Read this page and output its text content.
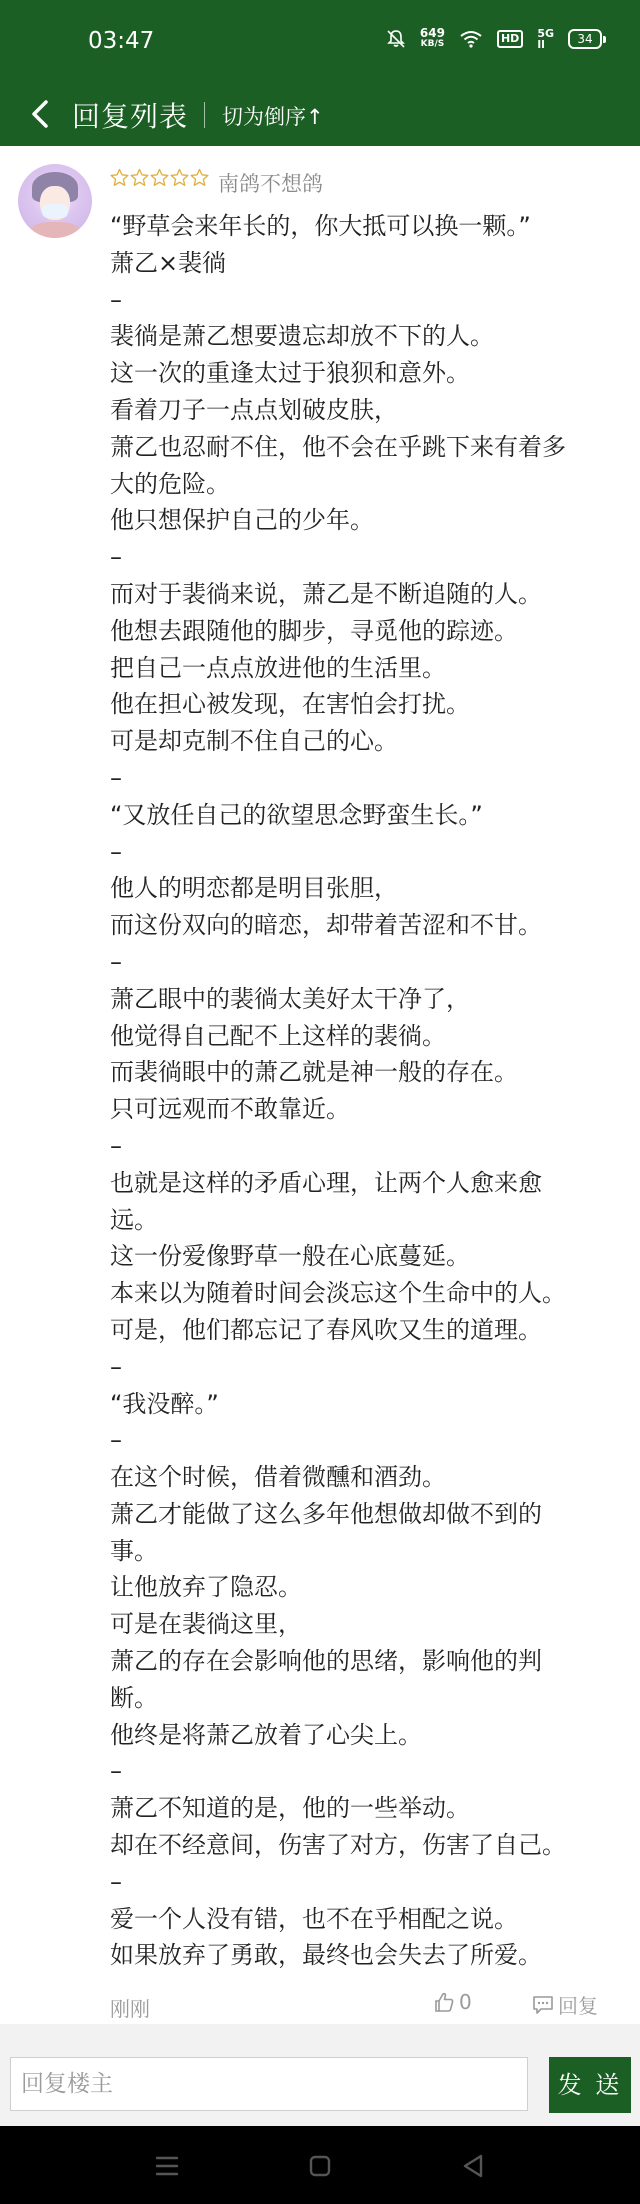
03:47	649
KB/S	HD	5G
ll	34
回复列表 切为倒序↑
南鸽不想鸽
“野草会来年长的，你大抵可以换一颗。”
萧乙×裴徜
–
裴徜是萧乙想要遗忘却放不下的人。
这一次的重逢太过于狼狈和意外。
看着刀子一点点划破皮肤，
萧乙也忍耐不住，他不会在乎跳下来有着多
大的危险。
他只想保护自己的少年。
–
而对于裴徜来说，萧乙是不断追随的人。
他想去跟随他的脚步，寻觅他的踪迹。
把自己一点点放进他的生活里。
他在担心被发现，在害怕会打扰。
可是却克制不住自己的心。
–
“又放任自己的欲望思念野蛮生长。”
–
他人的明恋都是明目张胆，
而这份双向的暗恋，却带着苦涩和不甘。
–
萧乙眼中的裴徜太美好太干净了，
他觉得自己配不上这样的裴徜。
而裴徜眼中的萧乙就是神一般的存在。
只可远观而不敢靠近。
–
也就是这样的矛盾心理，让两个人愈来愈
远。
这一份爱像野草一般在心底蔓延。
本来以为随着时间会淡忘这个生命中的人。
可是，他们都忘记了春风吹又生的道理。
–
“我没醉。”
–
在这个时候，借着微醺和酒劲。
萧乙才能做了这么多年他想做却做不到的
事。
让他放弃了隐忍。
可是在裴徜这里，
萧乙的存在会影响他的思绪，影响他的判
断。
他终是将萧乙放着了心尖上。
–
萧乙不知道的是，他的一些举动。
却在不经意间，伤害了对方，伤害了自己。
–
爱一个人没有错，也不在乎相配之说。
如果放弃了勇敢，最终也会失去了所爱。
刚刚	0	回复
回复楼主
发 送
